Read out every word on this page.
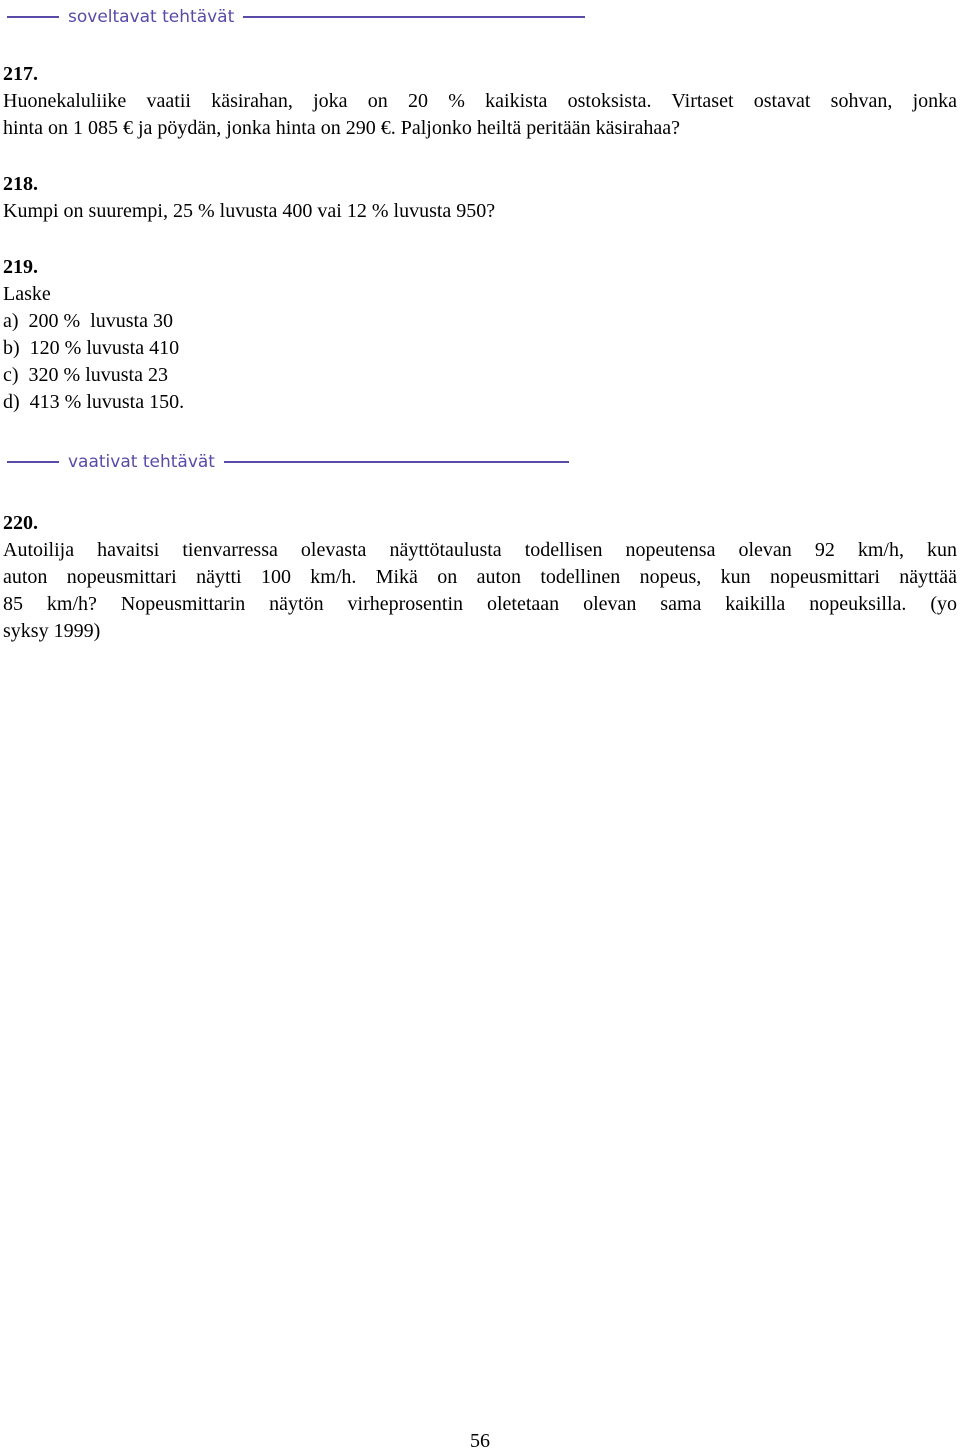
soveltavat tehtävät
217.
Huonekaluliike vaatii käsirahan, joka on 20 % kaikista ostoksista. Virtaset ostavat sohvan, jonka
hinta on 1 085 € ja pöydän, jonka hinta on 290 €. Paljonko heiltä peritään käsirahaa?
218.
Kumpi on suurempi, 25 % luvusta 400 vai 12 % luvusta 950?
219.
Laske
a)  200 %  luvusta 30
b)  120 % luvusta 410
c)  320 % luvusta 23
d)  413 % luvusta 150.
vaativat tehtävät
220.
Autoilija havaitsi tienvarressa olevasta näyttötaulusta todellisen nopeutensa olevan 92 km/h, kun
auton nopeusmittari näytti 100 km/h. Mikä on auton todellinen nopeus, kun nopeusmittari näyttää
85 km/h? Nopeusmittarin näytön virheprosentin oletetaan olevan sama kaikilla nopeuksilla. (yo
syksy 1999)
56
